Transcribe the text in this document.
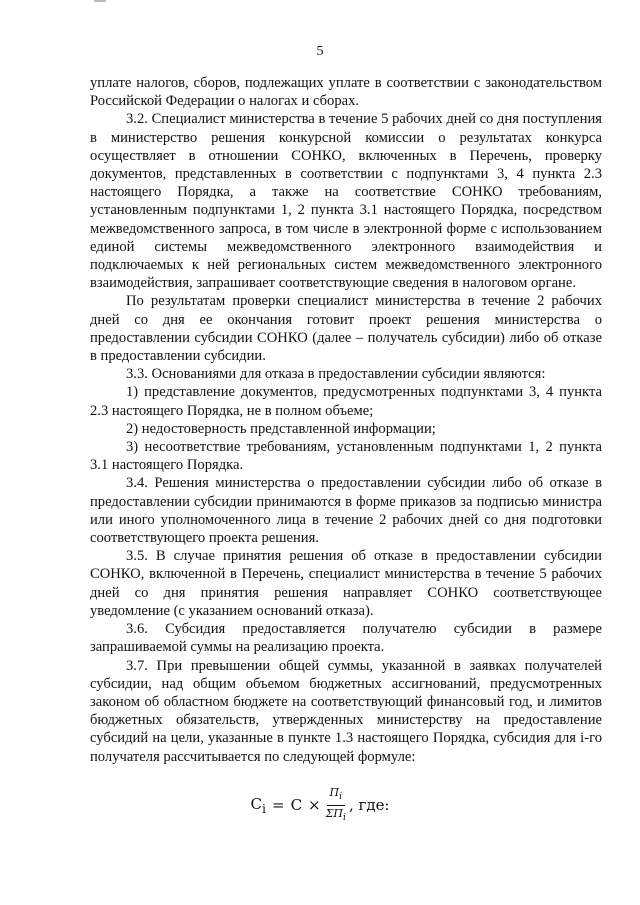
5

уплате налогов, сборов, подлежащих уплате в соответствии с законодательством Российской Федерации о налогах и сборах.

3.2. Специалист министерства в течение 5 рабочих дней со дня поступления в министерство решения конкурсной комиссии о результатах конкурса осуществляет в отношении СОНКО, включенных в Перечень, проверку документов, представленных в соответствии с подпунктами 3, 4 пункта 2.3 настоящего Порядка, а также на соответствие СОНКО требованиям, установленным подпунктами 1, 2 пункта 3.1 настоящего Порядка, посредством межведомственного запроса, в том числе в электронной форме с использованием единой системы межведомственного электронного взаимодействия и подключаемых к ней региональных систем межведомственного электронного взаимодействия, запрашивает соответствующие сведения в налоговом органе.

По результатам проверки специалист министерства в течение 2 рабочих дней со дня ее окончания готовит проект решения министерства о предоставлении субсидии СОНКО (далее – получатель субсидии) либо об отказе в предоставлении субсидии.

3.3. Основаниями для отказа в предоставлении субсидии являются:

1) представление документов, предусмотренных подпунктами 3, 4 пункта 2.3 настоящего Порядка, не в полном объеме;

2) недостоверность представленной информации;

3) несоответствие требованиям, установленным подпунктами 1, 2 пункта 3.1 настоящего Порядка.

3.4. Решения министерства о предоставлении субсидии либо об отказе в предоставлении субсидии принимаются в форме приказов за подписью министра или иного уполномоченного лица в течение 2 рабочих дней со дня подготовки соответствующего проекта решения.

3.5. В случае принятия решения об отказе в предоставлении субсидии СОНКО, включенной в Перечень, специалист министерства в течение 5 рабочих дней со дня принятия решения направляет СОНКО соответствующее уведомление (с указанием оснований отказа).

3.6. Субсидия предоставляется получателю субсидии в размере запрашиваемой суммы на реализацию проекта.

3.7. При превышении общей суммы, указанной в заявках получателей субсидии, над общим объемом бюджетных ассигнований, предусмотренных законом об областном бюджете на соответствующий финансовый год, и лимитов бюджетных обязательств, утвержденных министерству на предоставление субсидий на цели, указанные в пункте 1.3 настоящего Порядка, субсидия для i-го получателя рассчитывается по следующей формуле:

$C_i = C \times \frac{П_i}{\Sigma П_i}$ , где:
